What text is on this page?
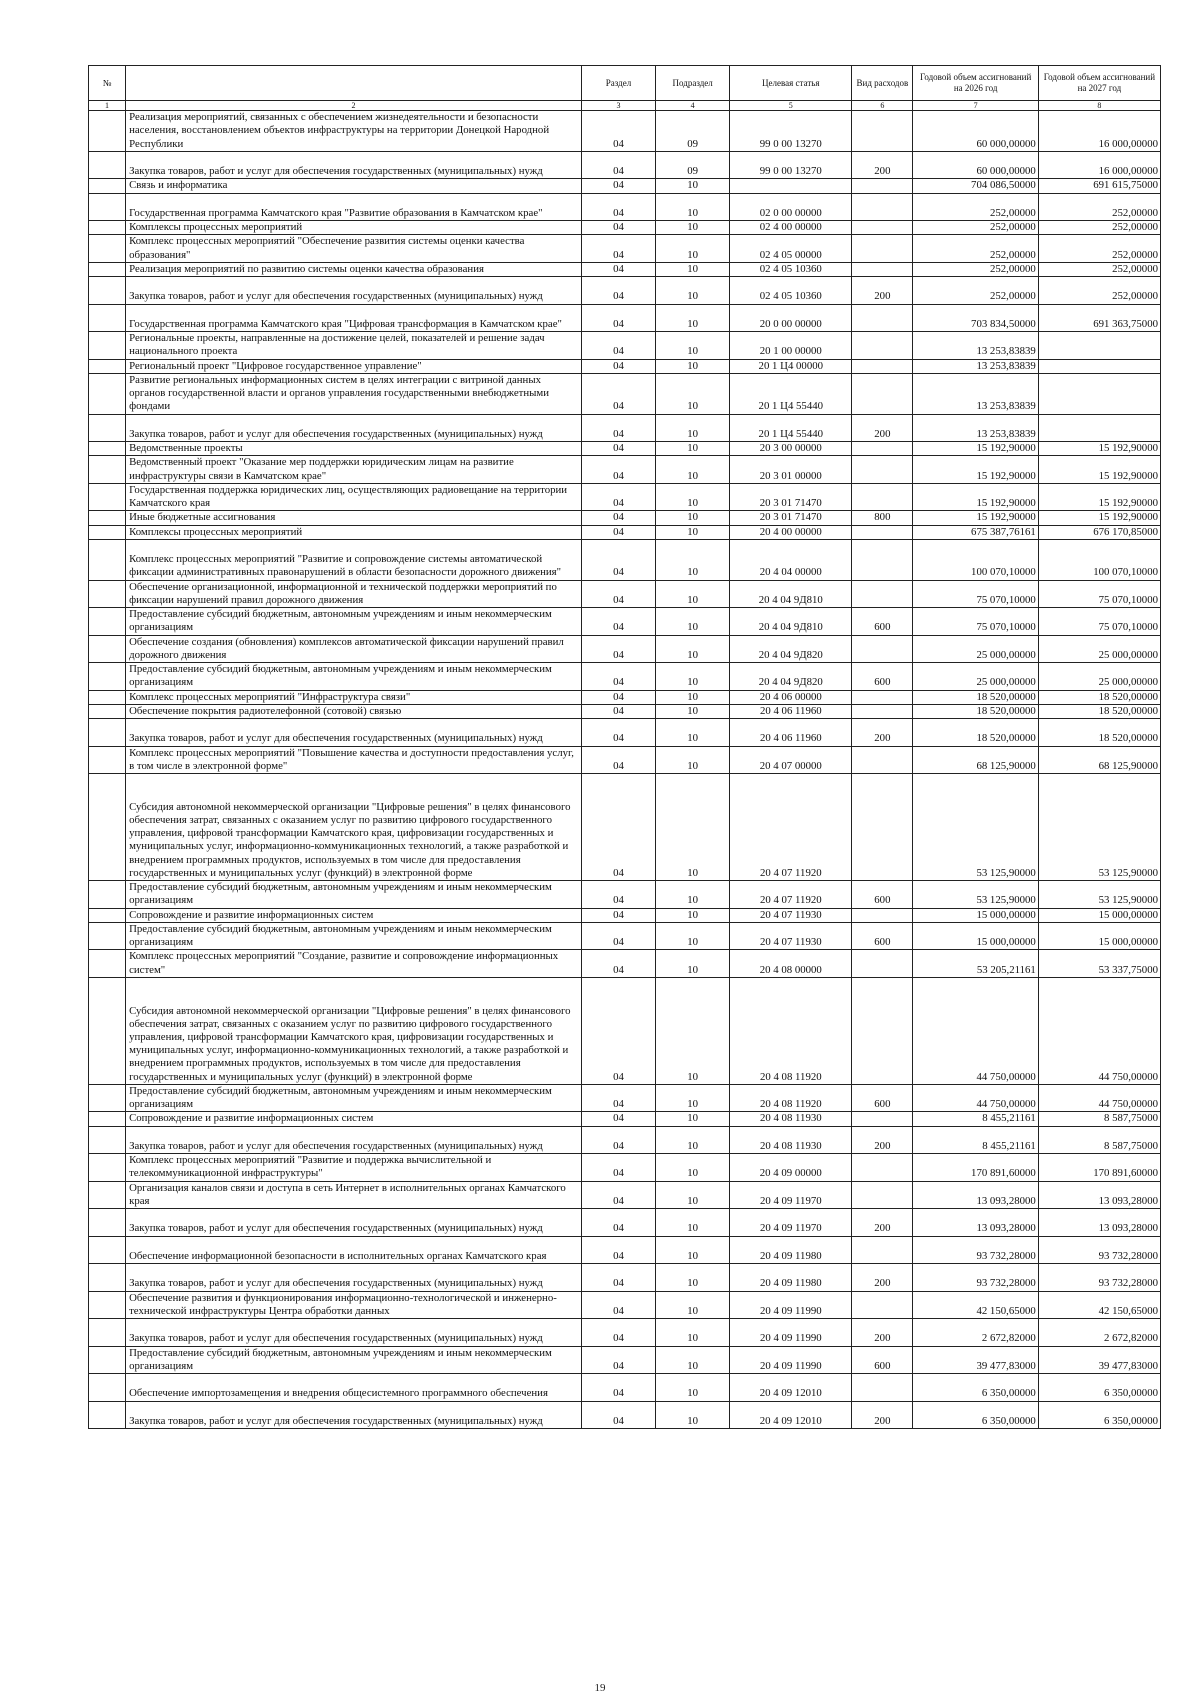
№		Раздел	Подраздел	Целевая статья	Вид расходов	Годовой объем ассигнований на 2026 год	Годовой объем ассигнований на 2027 год
1	2	3	4	5	6	7	8
	Реализация мероприятий, связанных с обеспечением жизнедеятельности и безопасности населения, восстановлением объектов инфраструктуры на территории Донецкой Народной Республики	04	09	99 0 00 13270		60 000,00000	16 000,00000
	Закупка товаров, работ и услуг для обеспечения государственных (муниципальных) нужд	04	09	99 0 00 13270	200	60 000,00000	16 000,00000
	Связь и информатика	04	10			704 086,50000	691 615,75000
	Государственная программа Камчатского края "Развитие образования в Камчатском крае"	04	10	02 0 00 00000		252,00000	252,00000
	Комплексы процессных мероприятий	04	10	02 4 00 00000		252,00000	252,00000
	Комплекс процессных мероприятий "Обеспечение развития системы оценки качества образования"	04	10	02 4 05 00000		252,00000	252,00000
	Реализация мероприятий по развитию системы оценки качества образования	04	10	02 4 05 10360		252,00000	252,00000
	Закупка товаров, работ и услуг для обеспечения государственных (муниципальных) нужд	04	10	02 4 05 10360	200	252,00000	252,00000
	Государственная программа Камчатского края "Цифровая трансформация в Камчатском крае"	04	10	20 0 00 00000		703 834,50000	691 363,75000
	Региональные проекты, направленные на достижение целей, показателей и решение задач национального проекта	04	10	20 1 00 00000		13 253,83839	
	Региональный проект "Цифровое государственное управление"	04	10	20 1 Ц4 00000		13 253,83839	
	Развитие региональных информационных систем в целях интеграции с витриной данных органов государственной власти и органов управления государственными внебюджетными фондами	04	10	20 1 Ц4 55440		13 253,83839	
	Закупка товаров, работ и услуг для обеспечения государственных (муниципальных) нужд	04	10	20 1 Ц4 55440	200	13 253,83839	
	Ведомственные проекты	04	10	20 3 00 00000		15 192,90000	15 192,90000
	Ведомственный проект "Оказание мер поддержки юридическим лицам на развитие инфраструктуры связи в Камчатском крае"	04	10	20 3 01 00000		15 192,90000	15 192,90000
	Государственная поддержка юридических лиц, осуществляющих радиовещание на территории Камчатского края	04	10	20 3 01 71470		15 192,90000	15 192,90000
	Иные бюджетные ассигнования	04	10	20 3 01 71470	800	15 192,90000	15 192,90000
	Комплексы процессных мероприятий	04	10	20 4 00 00000		675 387,76161	676 170,85000
	Комплекс процессных мероприятий "Развитие и сопровождение системы автоматической фиксации административных правонарушений в области безопасности дорожного движения"	04	10	20 4 04 00000		100 070,10000	100 070,10000
	Обеспечение организационной, информационной и технической поддержки мероприятий по фиксации нарушений правил дорожного движения	04	10	20 4 04 9Д810		75 070,10000	75 070,10000
	Предоставление субсидий бюджетным, автономным учреждениям и иным некоммерческим организациям	04	10	20 4 04 9Д810	600	75 070,10000	75 070,10000
	Обеспечение создания (обновления) комплексов автоматической фиксации нарушений правил дорожного движения	04	10	20 4 04 9Д820		25 000,00000	25 000,00000
	Предоставление субсидий бюджетным, автономным учреждениям и иным некоммерческим организациям	04	10	20 4 04 9Д820	600	25 000,00000	25 000,00000
	Комплекс процессных мероприятий "Инфраструктура связи"	04	10	20 4 06 00000		18 520,00000	18 520,00000
	Обеспечение покрытия радиотелефонной (сотовой) связью	04	10	20 4 06 11960		18 520,00000	18 520,00000
	Закупка товаров, работ и услуг для обеспечения государственных (муниципальных) нужд	04	10	20 4 06 11960	200	18 520,00000	18 520,00000
	Комплекс процессных мероприятий "Повышение качества и доступности предоставления услуг, в том числе в электронной форме"	04	10	20 4 07 00000		68 125,90000	68 125,90000
	Субсидия автономной некоммерческой организации "Цифровые решения" в целях финансового обеспечения затрат, связанных с оказанием услуг по развитию цифрового государственного управления, цифровой трансформации Камчатского края, цифровизации государственных и муниципальных услуг, информационно-коммуникационных технологий, а также разработкой и внедрением программных продуктов, используемых в том числе для предоставления государственных и муниципальных услуг (функций) в электронной форме	04	10	20 4 07 11920		53 125,90000	53 125,90000
	Предоставление субсидий бюджетным, автономным учреждениям и иным некоммерческим организациям	04	10	20 4 07 11920	600	53 125,90000	53 125,90000
	Сопровождение и развитие информационных систем	04	10	20 4 07 11930		15 000,00000	15 000,00000
	Предоставление субсидий бюджетным, автономным учреждениям и иным некоммерческим организациям	04	10	20 4 07 11930	600	15 000,00000	15 000,00000
	Комплекс процессных мероприятий "Создание, развитие и сопровождение информационных систем"	04	10	20 4 08 00000		53 205,21161	53 337,75000
	Субсидия автономной некоммерческой организации "Цифровые решения" в целях финансового обеспечения затрат, связанных с оказанием услуг по развитию цифрового государственного управления, цифровой трансформации Камчатского края, цифровизации государственных и муниципальных услуг, информационно-коммуникационных технологий, а также разработкой и внедрением программных продуктов, используемых в том числе для предоставления государственных и муниципальных услуг (функций) в электронной форме	04	10	20 4 08 11920		44 750,00000	44 750,00000
	Предоставление субсидий бюджетным, автономным учреждениям и иным некоммерческим организациям	04	10	20 4 08 11920	600	44 750,00000	44 750,00000
	Сопровождение и развитие информационных систем	04	10	20 4 08 11930		8 455,21161	8 587,75000
	Закупка товаров, работ и услуг для обеспечения государственных (муниципальных) нужд	04	10	20 4 08 11930	200	8 455,21161	8 587,75000
	Комплекс процессных мероприятий "Развитие и поддержка вычислительной и телекоммуникационной инфраструктуры"	04	10	20 4 09 00000		170 891,60000	170 891,60000
	Организация каналов связи и доступа в сеть Интернет в исполнительных органах Камчатского края	04	10	20 4 09 11970		13 093,28000	13 093,28000
	Закупка товаров, работ и услуг для обеспечения государственных (муниципальных) нужд	04	10	20 4 09 11970	200	13 093,28000	13 093,28000
	Обеспечение информационной безопасности в исполнительных органах Камчатского края	04	10	20 4 09 11980		93 732,28000	93 732,28000
	Закупка товаров, работ и услуг для обеспечения государственных (муниципальных) нужд	04	10	20 4 09 11980	200	93 732,28000	93 732,28000
	Обеспечение развития и функционирования информационно-технологической и инженерно-технической инфраструктуры Центра обработки данных	04	10	20 4 09 11990		42 150,65000	42 150,65000
	Закупка товаров, работ и услуг для обеспечения государственных (муниципальных) нужд	04	10	20 4 09 11990	200	2 672,82000	2 672,82000
	Предоставление субсидий бюджетным, автономным учреждениям и иным некоммерческим организациям	04	10	20 4 09 11990	600	39 477,83000	39 477,83000
	Обеспечение импортозамещения и внедрения общесистемного программного обеспечения	04	10	20 4 09 12010		6 350,00000	6 350,00000
	Закупка товаров, работ и услуг для обеспечения государственных (муниципальных) нужд	04	10	20 4 09 12010	200	6 350,00000	6 350,00000
19
